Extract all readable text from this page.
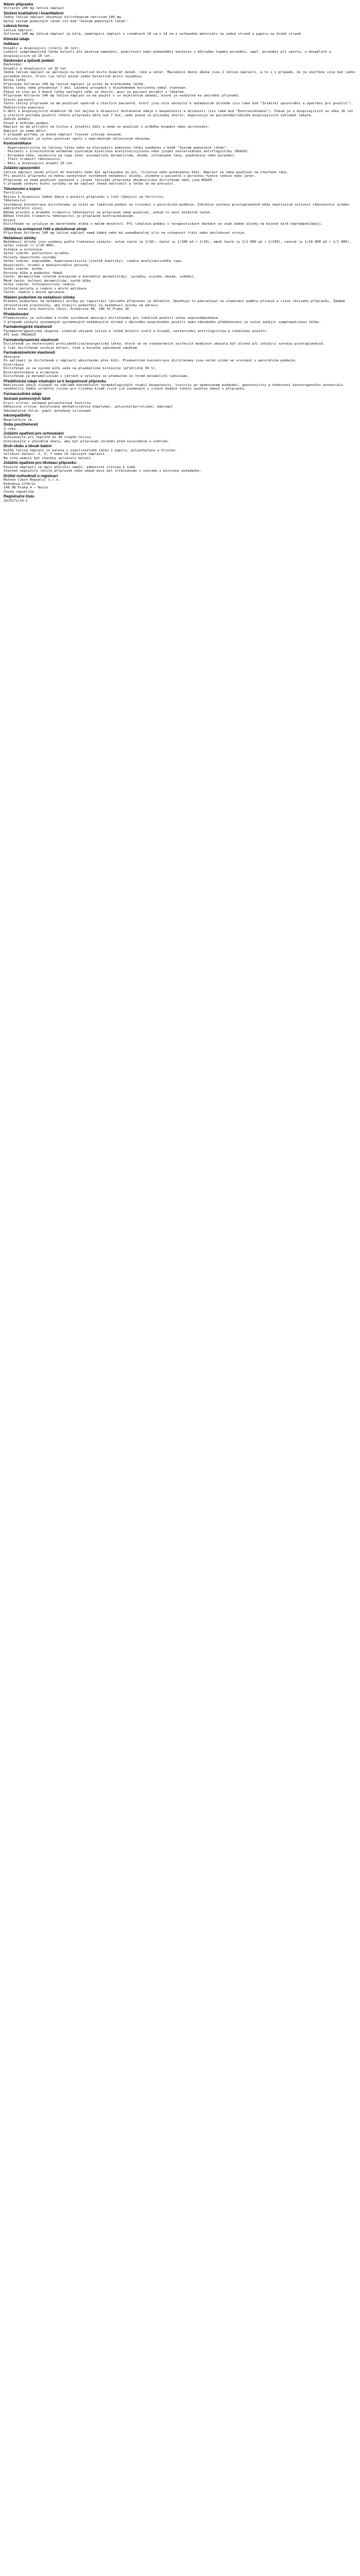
Název přípravku
Voltaren 140 mg léčivá náplast
Složení kvalitativní i kvantitativní
Jedna léčivá náplast obsahuje diclofenacum natricum 140 mg.
Úplný seznam pomocných látek viz bod "Seznam pomocných látek".
Léková forma
Léčivá náplast.
Voltaren 140 mg léčivá náplast je bílá, samolepicí náplast o rozměrech 10 cm x 14 cm z netkaného materiálu na jedné straně a papíru na druhé straně.
Klinické údaje
Indikace
Dospělí a dospívající (starší 16 let):
Lokální symptomatická léčba bolesti při akutním namožení, podvrtnutí nebo pohmoždění končetin v důsledku tupého poranění, např. poranění při sportu, u dospělých a dospívajících od 16 let.
Dávkování a způsob podání
Dávkování
Dospělí a dospívající od 16 let
Jedna léčivá náplast se aplikuje na bolestivé místo dvakrát denně, ráno a večer. Maximální denní dávka jsou 2 léčivé náplasti, a to i v případě, že je ošetřeno více než jedno poraněné místo. Proto lze léčit pouze jedno bolestivé místo najednou.
Délka léčby
Přípravek Voltaren 140 mg léčivá náplast je určen ke krátkodobé léčbě.
Délka léčby nemá přesáhnout 7 dní. Léčebný prospěch v dlouhodobém horizontu nebyl stanoven.
Pokud se stav po 3 dnech léčby nezlepší nebo se zhorší, musí se pacient poradit s lékařem.
Přípravek Voltaren 140 mg léčivá náplast se má použít v co nejkratším období, které je nezbytné ke zmírnění příznaků.
Starší pacienti
Tento léčivý přípravek se má používat opatrně u starších pacientů, kteří jsou více náchylní k nežádoucím účinkům (viz také bod "Zvláštní upozornění a opatření pro použití").
Pediatrická populace
U dětí a dospívajících mladších 16 let nejsou k dispozici dostatečné údaje o bezpečnosti a účinnosti (viz také bod "Kontraindikace"). Pokud je u dospívajících ve věku 16 let a starších potřeba použití tohoto přípravku déle než 7 dní, nebo pokud se příznaky zhorší, doporučuje se pacientům/rodičům dospívajících vyhledat lékaře.
Způsob podání
Pouze k kožnímu podání.
Náplast se má přiložit na čistou a intaktní kůži a nemá se používat v průběhu koupání nebo sprchování.
Náplast se nemá dělit.
V případě potřeby je možné náplast fixovat síťovým obvazem.
Léčivou náplast je nutno používat spolu s neprodyšným okluzivním obvazem.
Kontraindikace
- Hypersenzitivita na léčivou látku nebo na kteroukoli pomocnou látku uvedenou v bodě "Seznam pomocných látek".
- Pacienti s bronchiálním astmatem vyvolaným kyselinou acetylsalicylovou nebo jinými nesteroidními antiflogistiky (NSAID).
- Poraněná kůže, nezávisle na typu léze: exsudativní dermatitida, ekzém, infikované léze, popáleniny nebo poranění.
- Třetí trimestr těhotenství.
- Děti a dospívající mladší 16 let.
Zvláštní upozornění
Léčivá náplast nesmí přijít do kontaktu nebo být aplikována na oči, sliznice nebo poškozenou kůži. Náplast se nemá používat na otevřené rány.
Při použití přípravku se mohou vyskytnout systémové nežádoucí účinky, zejména u pacientů s poruchou funkce ledvin nebo jater.
Přípravek se nemá používat současně s jinými léčivými přípravky obsahujícími diclofenak nebo jiná NSAID.
V případě výskytu kožní vyrážky se má náplast ihned odstranit a léčba se má přerušit.
Těhotenství a kojení
Fertilita
Nejsou k dispozici žádné údaje o použití přípravku u lidí týkající se fertility.
Těhotenství
Systémová koncentrace diclofenaku je nižší po lokálním podání ve srovnání s perorálním podáním. Inhibice syntézy prostaglandinů může nepříznivě ovlivnit těhotenství a/nebo embryofetální vývoj.
Během prvního a druhého trimestru těhotenství se přípravek nemá používat, pokud to není nezbytně nutné.
Během třetího trimestru těhotenství je přípravek kontraindikován.
Kojení
Diclofenak se vylučuje do mateřského mléka v malém množství. Při lokálním podání v terapeutických dávkách se však žádné účinky na kojené dítě nepředpokládají.
Účinky na schopnost řídit a obsluhovat stroje
Přípravek Voltaren 140 mg léčivá náplast nemá žádný nebo má zanedbatelný vliv na schopnost řídit nebo obsluhovat stroje.
Nežádoucí účinky
Nežádoucí účinky jsou uvedeny podle frekvence výskytu: velmi časté (≥ 1/10), časté (≥ 1/100 až < 1/10), méně časté (≥ 1/1 000 až < 1/100), vzácné (≥ 1/10 000 až < 1/1 000), velmi vzácné (< 1/10 000).
Infekce a infestace
Velmi vzácné: pustulózní vyrážka.
Poruchy imunitního systému
Velmi vzácné: angioedém, hypersenzitivita (včetně kopřivky), reakce anafylaktického typu.
Respirační, hrudní a mediastinální poruchy
Velmi vzácné: astma.
Poruchy kůže a podkožní tkáně
Časté: dermatitida (včetně alergické a kontaktní dermatitidy), vyrážka, erytém, ekzém, svědění.
Méně časté: bulózní dermatitida, suchá kůže.
Velmi vzácné: fotosenzitivní reakce.
Celkové poruchy a reakce v místě aplikace
Časté: reakce v místě aplikace.
Hlášení podezření na nežádoucí účinky
Hlášení podezření na nežádoucí účinky po registraci léčivého přípravku je důležité. Umožňuje to pokračovat ve sledování poměru přínosů a rizik léčivého přípravku. Žádáme zdravotnické pracovníky, aby hlásili podezření na nežádoucí účinky na adresu:
Státní ústav pro kontrolu léčiv, Šrobárova 48, 100 41 Praha 10
Předávkování
Předávkování je vzhledem k nízké systémové absorpci diclofenaku při lokálním použití velmi nepravděpodobné.
V případě výskytu významných systémových nežádoucích účinků v důsledku nesprávného použití nebo náhodného předávkování je nutné zahájit symptomatickou léčbu.
Farmakologické vlastnosti
Farmakoterapeutická skupina: Lokálně užívaná léčiva k léčbě bolestí svalů a kloubů, nesteroidní antiflogistika k lokálnímu použití.
ATC kód: M02AA15
Farmakodynamické vlastnosti
Diclofenak je nesteroidní protizánětlivá/analgetická látka, která se ve standardních zvířecích modelech ukázala být účinná při inhibici syntézy prostaglandinů.
U lidí diclofenak snižuje bolest, otok a horečku způsobené zánětem.
Farmakokinetické vlastnosti
Absorpce
Po aplikaci je diclofenak z náplasti absorbován přes kůži. Plazmatické koncentrace diclofenaku jsou velmi nízké ve srovnání s perorálním podáním.
Distribuce
Diclofenak se ve vysoké míře váže na plazmatické bílkoviny (přibližně 99 %).
Biotransformace a eliminace
Diclofenak je metabolizován v játrech a vylučuje se především ve formě metabolitů ledvinami.
Předklinické údaje vztahující se k bezpečnosti přípravku
Neklinické údaje získané na základě konvenčních farmakologických studií bezpečnosti, toxicity po opakovaném podávání, genotoxicity a hodnocení kancerogenního potenciálu neodhalily žádné zvláštní riziko pro člověka kromě rizik již uvedených v jiných bodech tohoto souhrnu údajů o přípravku.
Farmaceutické údaje
Seznam pomocných látek
Krycí vrstva: netkaná polyesterová textilie
Adhezivní vrstva: butylovaný methakrylátový kopolymer, polyvinylpyrrolidon, makrogol
Odnímatelná fólie: papír potažený silikonem
Inkompatibility
Neuplatňuje se.
Doba použitelnosti
3 roky.
Zvláštní opatření pro uchovávání
Uchovávejte při teplotě do 30 stupňů Celsia.
Uchovávejte v původním obalu, aby byl přípravek chráněn před vysycháním a světlem.
Druh obalu a obsah balení
Každá léčivá náplast je balena v uzavíratelném sáčku z papíru, polyethylenu a hliníku.
Velikost balení: 2, 5, 7 nebo 10 léčivých náplastí.
Na trhu nemusí být všechny velikosti balení.
Zvláštní opatření pro likvidaci přípravku
Použité náplasti se mají přeložit napůl, adhezivní vrstvou k sobě.
Všechen nepoužitý léčivý přípravek nebo odpad musí být zlikvidován v souladu s místními požadavky.
Držitel rozhodnutí o registraci
Haleon Czech Republic s.r.o.
Hvězdova 1734/2c
140 00 Praha 4 – Nusle
Česká republika
Registrační číslo
29/0171/14-C
